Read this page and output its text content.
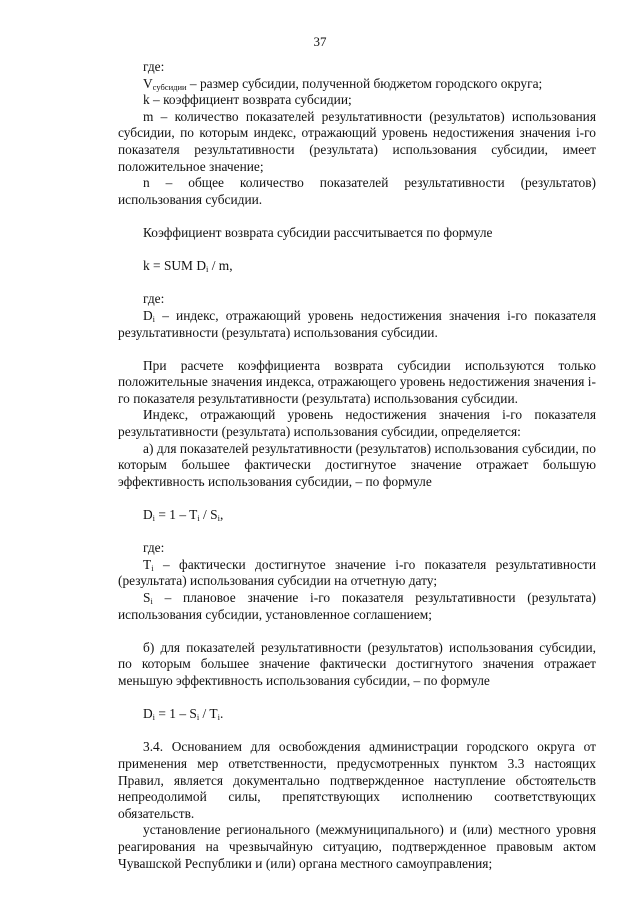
37

где:

$V_{субсидии}$ – размер субсидии, полученной бюджетом городского округа;

k – коэффициент возврата субсидии;

m – количество показателей результативности (результатов) использования субсидии, по которым индекс, отражающий уровень недостижения значения i-го показателя результативности (результата) использования субсидии, имеет положительное значение;

n – общее количество показателей результативности (результатов) использования субсидии.

Коэффициент возврата субсидии рассчитывается по формуле

k = SUM $D_i$ / m,

где:

$D_i$ – индекс, отражающий уровень недостижения значения i-го показателя результативности (результата) использования субсидии.

При расчете коэффициента возврата субсидии используются только положительные значения индекса, отражающего уровень недостижения значения i-го показателя результативности (результата) использования субсидии.

Индекс, отражающий уровень недостижения значения i-го показателя результативности (результата) использования субсидии, определяется:

а) для показателей результативности (результатов) использования субсидии, по которым большее фактически достигнутое значение отражает большую эффективность использования субсидии, – по формуле

$D_i = 1 - T_i / S_i$,

где:

$T_i$ – фактически достигнутое значение i-го показателя результативности (результата) использования субсидии на отчетную дату;

$S_i$ – плановое значение i-го показателя результативности (результата) использования субсидии, установленное соглашением;

б) для показателей результативности (результатов) использования субсидии, по которым большее значение фактически достигнутого значения отражает меньшую эффективность использования субсидии, – по формуле

$D_i = 1 - S_i / T_i$.

3.4. Основанием для освобождения администрации городского округа от применения мер ответственности, предусмотренных пунктом 3.3 настоящих Правил, является документально подтвержденное наступление обстоятельств непреодолимой силы, препятствующих исполнению соответствующих обязательств.

установление регионального (межмуниципального) и (или) местного уровня реагирования на чрезвычайную ситуацию, подтвержденное правовым актом Чувашской Республики и (или) органа местного самоуправления;
